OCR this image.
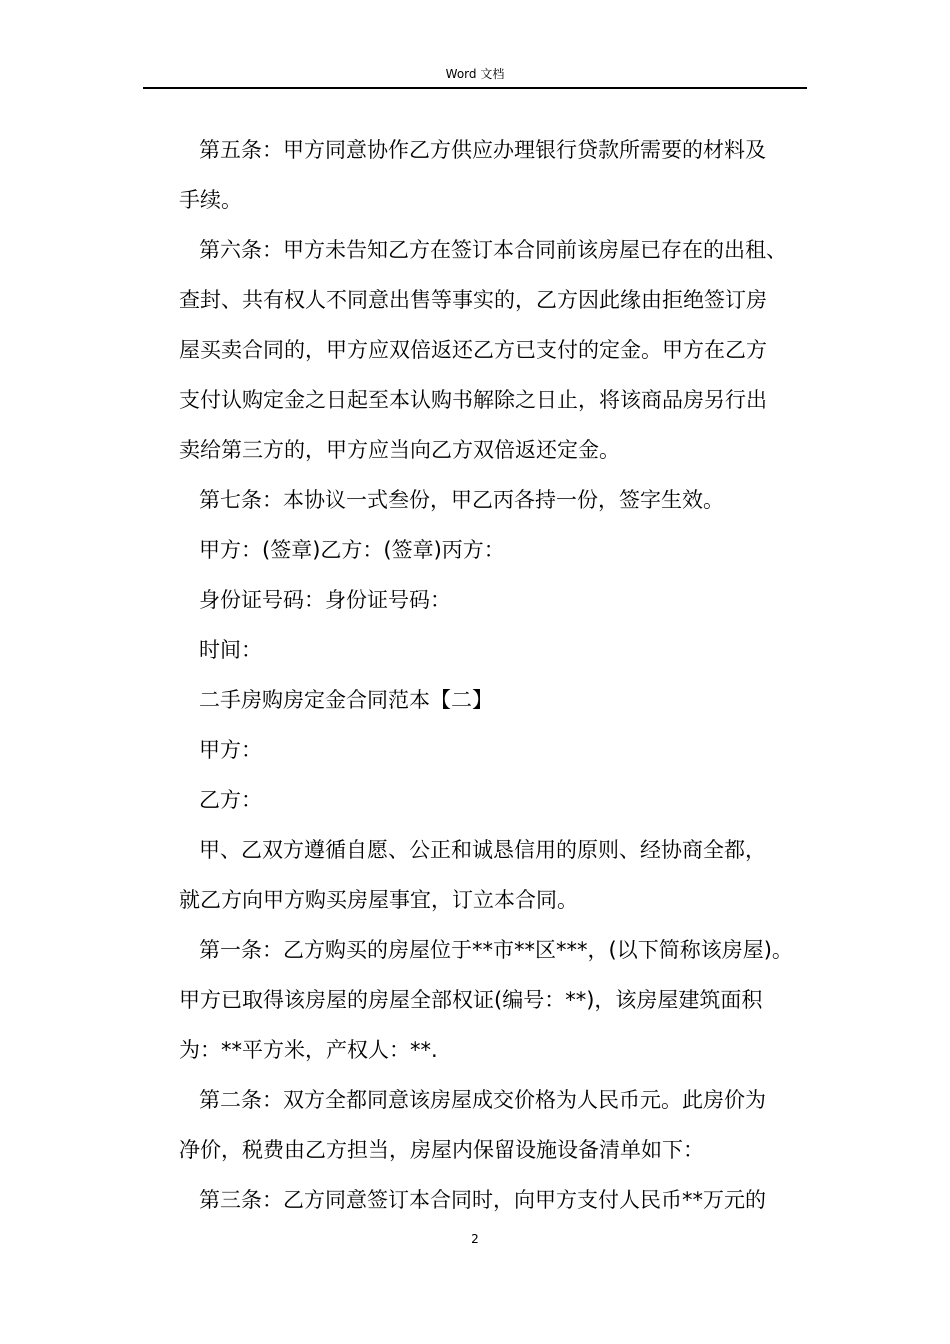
Word 文档

第五条：甲方同意协作乙方供应办理银行贷款所需要的材料及

手续。

第六条：甲方未告知乙方在签订本合同前该房屋已存在的出租、

查封、共有权人不同意出售等事实的，乙方因此缘由拒绝签订房

屋买卖合同的，甲方应双倍返还乙方已支付的定金。甲方在乙方

支付认购定金之日起至本认购书解除之日止，将该商品房另行出

卖给第三方的，甲方应当向乙方双倍返还定金。

第七条：本协议一式叁份，甲乙丙各持一份，签字生效。

甲方：(签章)乙方：(签章)丙方：

身份证号码：身份证号码：

时间：

二手房购房定金合同范本【二】

甲方：

乙方：

甲、乙双方遵循自愿、公正和诚恳信用的原则、经协商全都，

就乙方向甲方购买房屋事宜，订立本合同。

第一条：乙方购买的房屋位于**市**区***，(以下简称该房屋)。

甲方已取得该房屋的房屋全部权证(编号：**)，该房屋建筑面积

为：**平方米，产权人：**.

第二条：双方全都同意该房屋成交价格为人民币元。此房价为

净价，税费由乙方担当，房屋内保留设施设备清单如下：

第三条：乙方同意签订本合同时，向甲方支付人民币**万元的

2
